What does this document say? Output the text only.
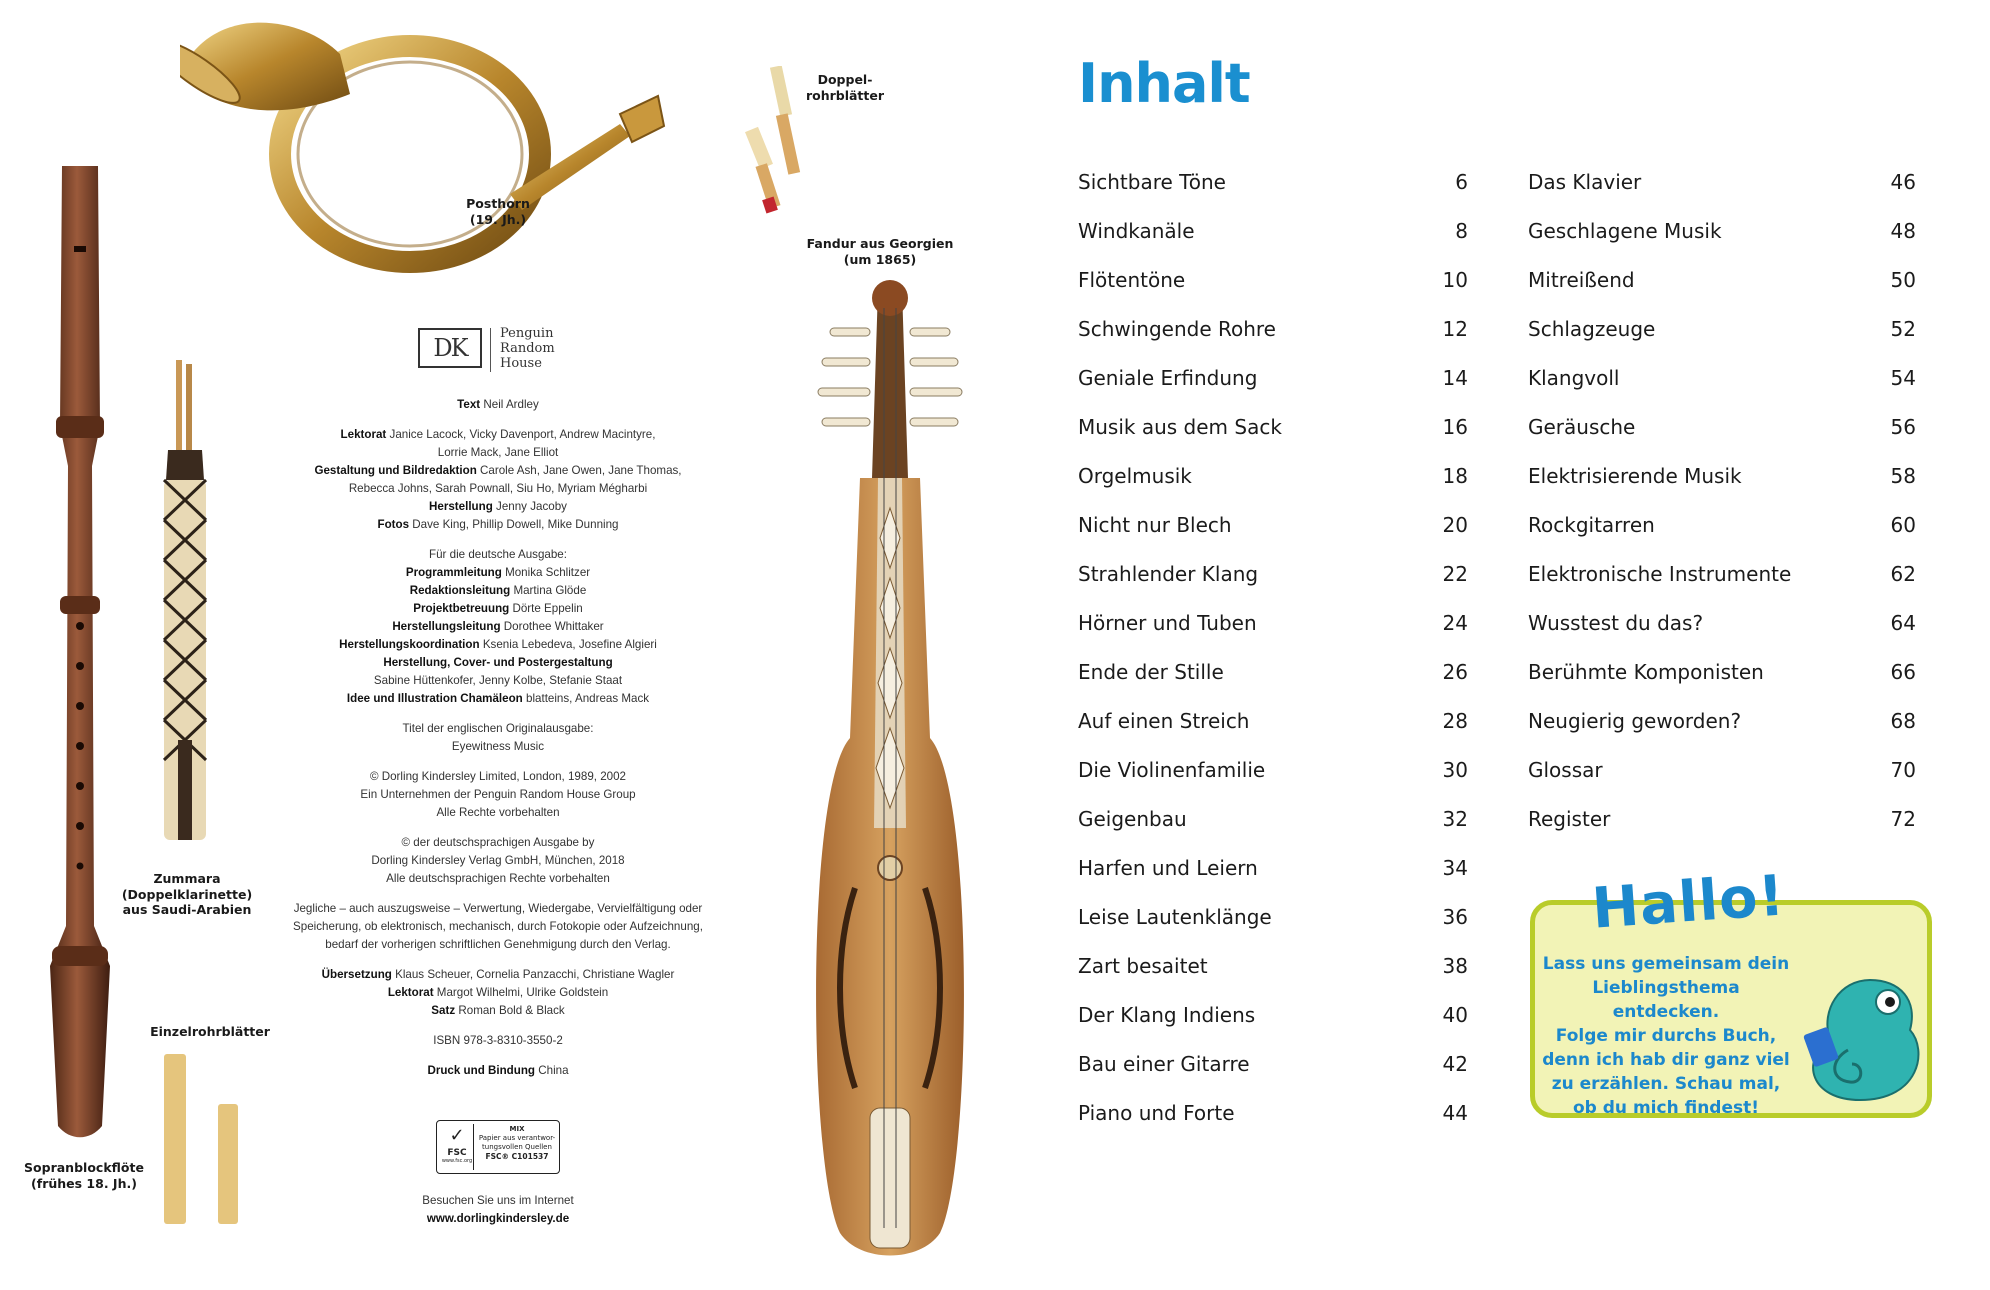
Posthorn
(19. Jh.)
Doppel-
rohrblätter
Fandur aus Georgien
(um 1865)
Sopranblockflöte
(frühes 18. Jh.)
Zummara
(Doppelklarinette)
aus Saudi-Arabien
Einzelrohrblätter
DK
Penguin
Random
House
Text Neil Ardley
Lektorat Janice Lacock, Vicky Davenport, Andrew Macintyre,
Lorrie Mack, Jane Elliot
Gestaltung und Bildredaktion Carole Ash, Jane Owen, Jane Thomas,
Rebecca Johns, Sarah Pownall, Siu Ho, Myriam Mégharbi
Herstellung Jenny Jacoby
Fotos Dave King, Phillip Dowell, Mike Dunning
Für die deutsche Ausgabe:
Programmleitung Monika Schlitzer
Redaktionsleitung Martina Glöde
Projektbetreuung Dörte Eppelin
Herstellungsleitung Dorothee Whittaker
Herstellungskoordination Ksenia Lebedeva, Josefine Algieri
Herstellung, Cover- und Postergestaltung
Sabine Hüttenkofer, Jenny Kolbe, Stefanie Staat
Idee und Illustration Chamäleon blatteins, Andreas Mack
Titel der englischen Originalausgabe:
Eyewitness Music
© Dorling Kindersley Limited, London, 1989, 2002
Ein Unternehmen der Penguin Random House Group
Alle Rechte vorbehalten
© der deutschsprachigen Ausgabe by
Dorling Kindersley Verlag GmbH, München, 2018
Alle deutschsprachigen Rechte vorbehalten
Jegliche – auch auszugsweise – Verwertung, Wiedergabe, Vervielfältigung oder
Speicherung, ob elektronisch, mechanisch, durch Fotokopie oder Aufzeichnung,
bedarf der vorherigen schriftlichen Genehmigung durch den Verlag.
Übersetzung Klaus Scheuer, Cornelia Panzacchi, Christiane Wagler
Lektorat Margot Wilhelmi, Ulrike Goldstein
Satz Roman Bold & Black
ISBN 978-3-8310-3550-2
Druck und Bindung China
✓
FSC
www.fsc.org
MIX
Papier aus verantwor-
tungsvollen Quellen
FSC® C101537
Besuchen Sie uns im Internet
www.dorlingkindersley.de
Inhalt
Sichtbare Töne	6
Windkanäle	8
Flötentöne	10
Schwingende Rohre	12
Geniale Erfindung	14
Musik aus dem Sack	16
Orgelmusik	18
Nicht nur Blech	20
Strahlender Klang	22
Hörner und Tuben	24
Ende der Stille	26
Auf einen Streich	28
Die Violinenfamilie	30
Geigenbau	32
Harfen und Leiern	34
Leise Lautenklänge	36
Zart besaitet	38
Der Klang Indiens	40
Bau einer Gitarre	42
Piano und Forte	44
Das Klavier	46
Geschlagene Musik	48
Mitreißend	50
Schlagzeuge	52
Klangvoll	54
Geräusche	56
Elektrisierende Musik	58
Rockgitarren	60
Elektronische Instrumente	62
Wusstest du das?	64
Berühmte Komponisten	66
Neugierig geworden?	68
Glossar	70
Register	72
Hallo!
Lass uns gemeinsam dein
Lieblingsthema entdecken.
Folge mir durchs Buch,
denn ich hab dir ganz viel
zu erzählen. Schau mal,
ob du mich findest!
